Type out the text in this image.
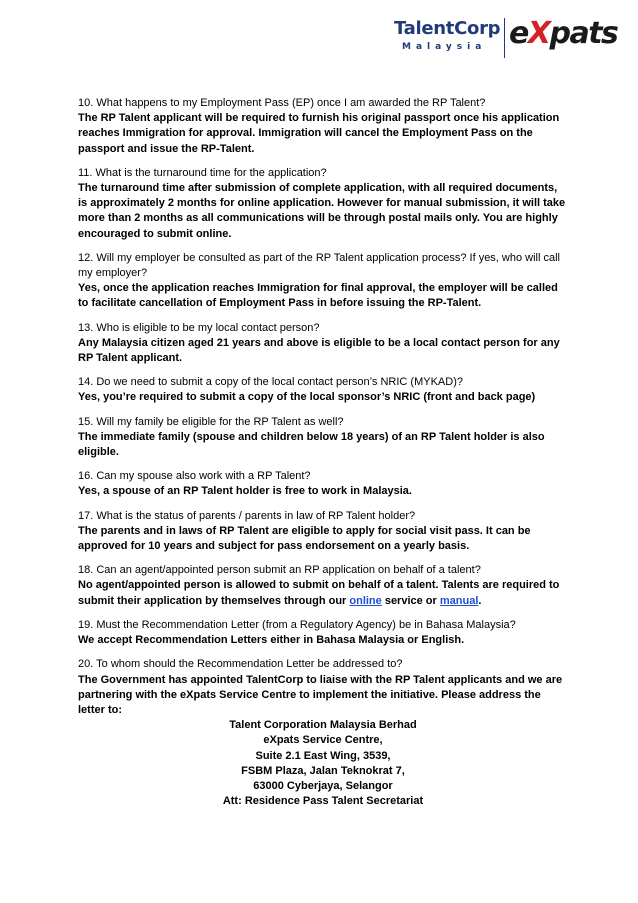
TalentCorp
Malaysia eXpats
10. What happens to my Employment Pass (EP) once I am awarded the RP Talent?
The RP Talent applicant will be required to furnish his original passport once his application reaches Immigration for approval. Immigration will cancel the Employment Pass on the passport and issue the RP-Talent.
11. What is the turnaround time for the application?
The turnaround time after submission of complete application, with all required documents, is approximately 2 months for online application. However for manual submission, it will take more than 2 months as all communications will be through postal mails only. You are highly encouraged to submit online.
12. Will my employer be consulted as part of the RP Talent application process? If yes, who will call my employer?
Yes, once the application reaches Immigration for final approval, the employer will be called to facilitate cancellation of Employment Pass in before issuing the RP-Talent.
13. Who is eligible to be my local contact person?
Any Malaysia citizen aged 21 years and above is eligible to be a local contact person for any RP Talent applicant.
14. Do we need to submit a copy of the local contact person’s NRIC (MYKAD)?
Yes, you’re required to submit a copy of the local sponsor’s NRIC (front and back page)
15. Will my family be eligible for the RP Talent as well?
The immediate family (spouse and children below 18 years) of an RP Talent holder is also eligible.
16. Can my spouse also work with a RP Talent?
Yes, a spouse of an RP Talent holder is free to work in Malaysia.
17. What is the status of parents / parents in law of RP Talent holder?
The parents and in laws of RP Talent are eligible to apply for social visit pass. It can be approved for 10 years and subject for pass endorsement on a yearly basis.
18. Can an agent/appointed person submit an RP application on behalf of a talent?
No agent/appointed person is allowed to submit on behalf of a talent. Talents are required to submit their application by themselves through our online service or manual.
19. Must the Recommendation Letter (from a Regulatory Agency) be in Bahasa Malaysia?
We accept Recommendation Letters either in Bahasa Malaysia or English.
20. To whom should the Recommendation Letter be addressed to?
The Government has appointed TalentCorp to liaise with the RP Talent applicants and we are partnering with the eXpats Service Centre to implement the initiative. Please address the letter to:
Talent Corporation Malaysia Berhad
eXpats Service Centre,
Suite 2.1 East Wing, 3539,
FSBM Plaza, Jalan Teknokrat 7,
63000 Cyberjaya, Selangor
Att: Residence Pass Talent Secretariat
